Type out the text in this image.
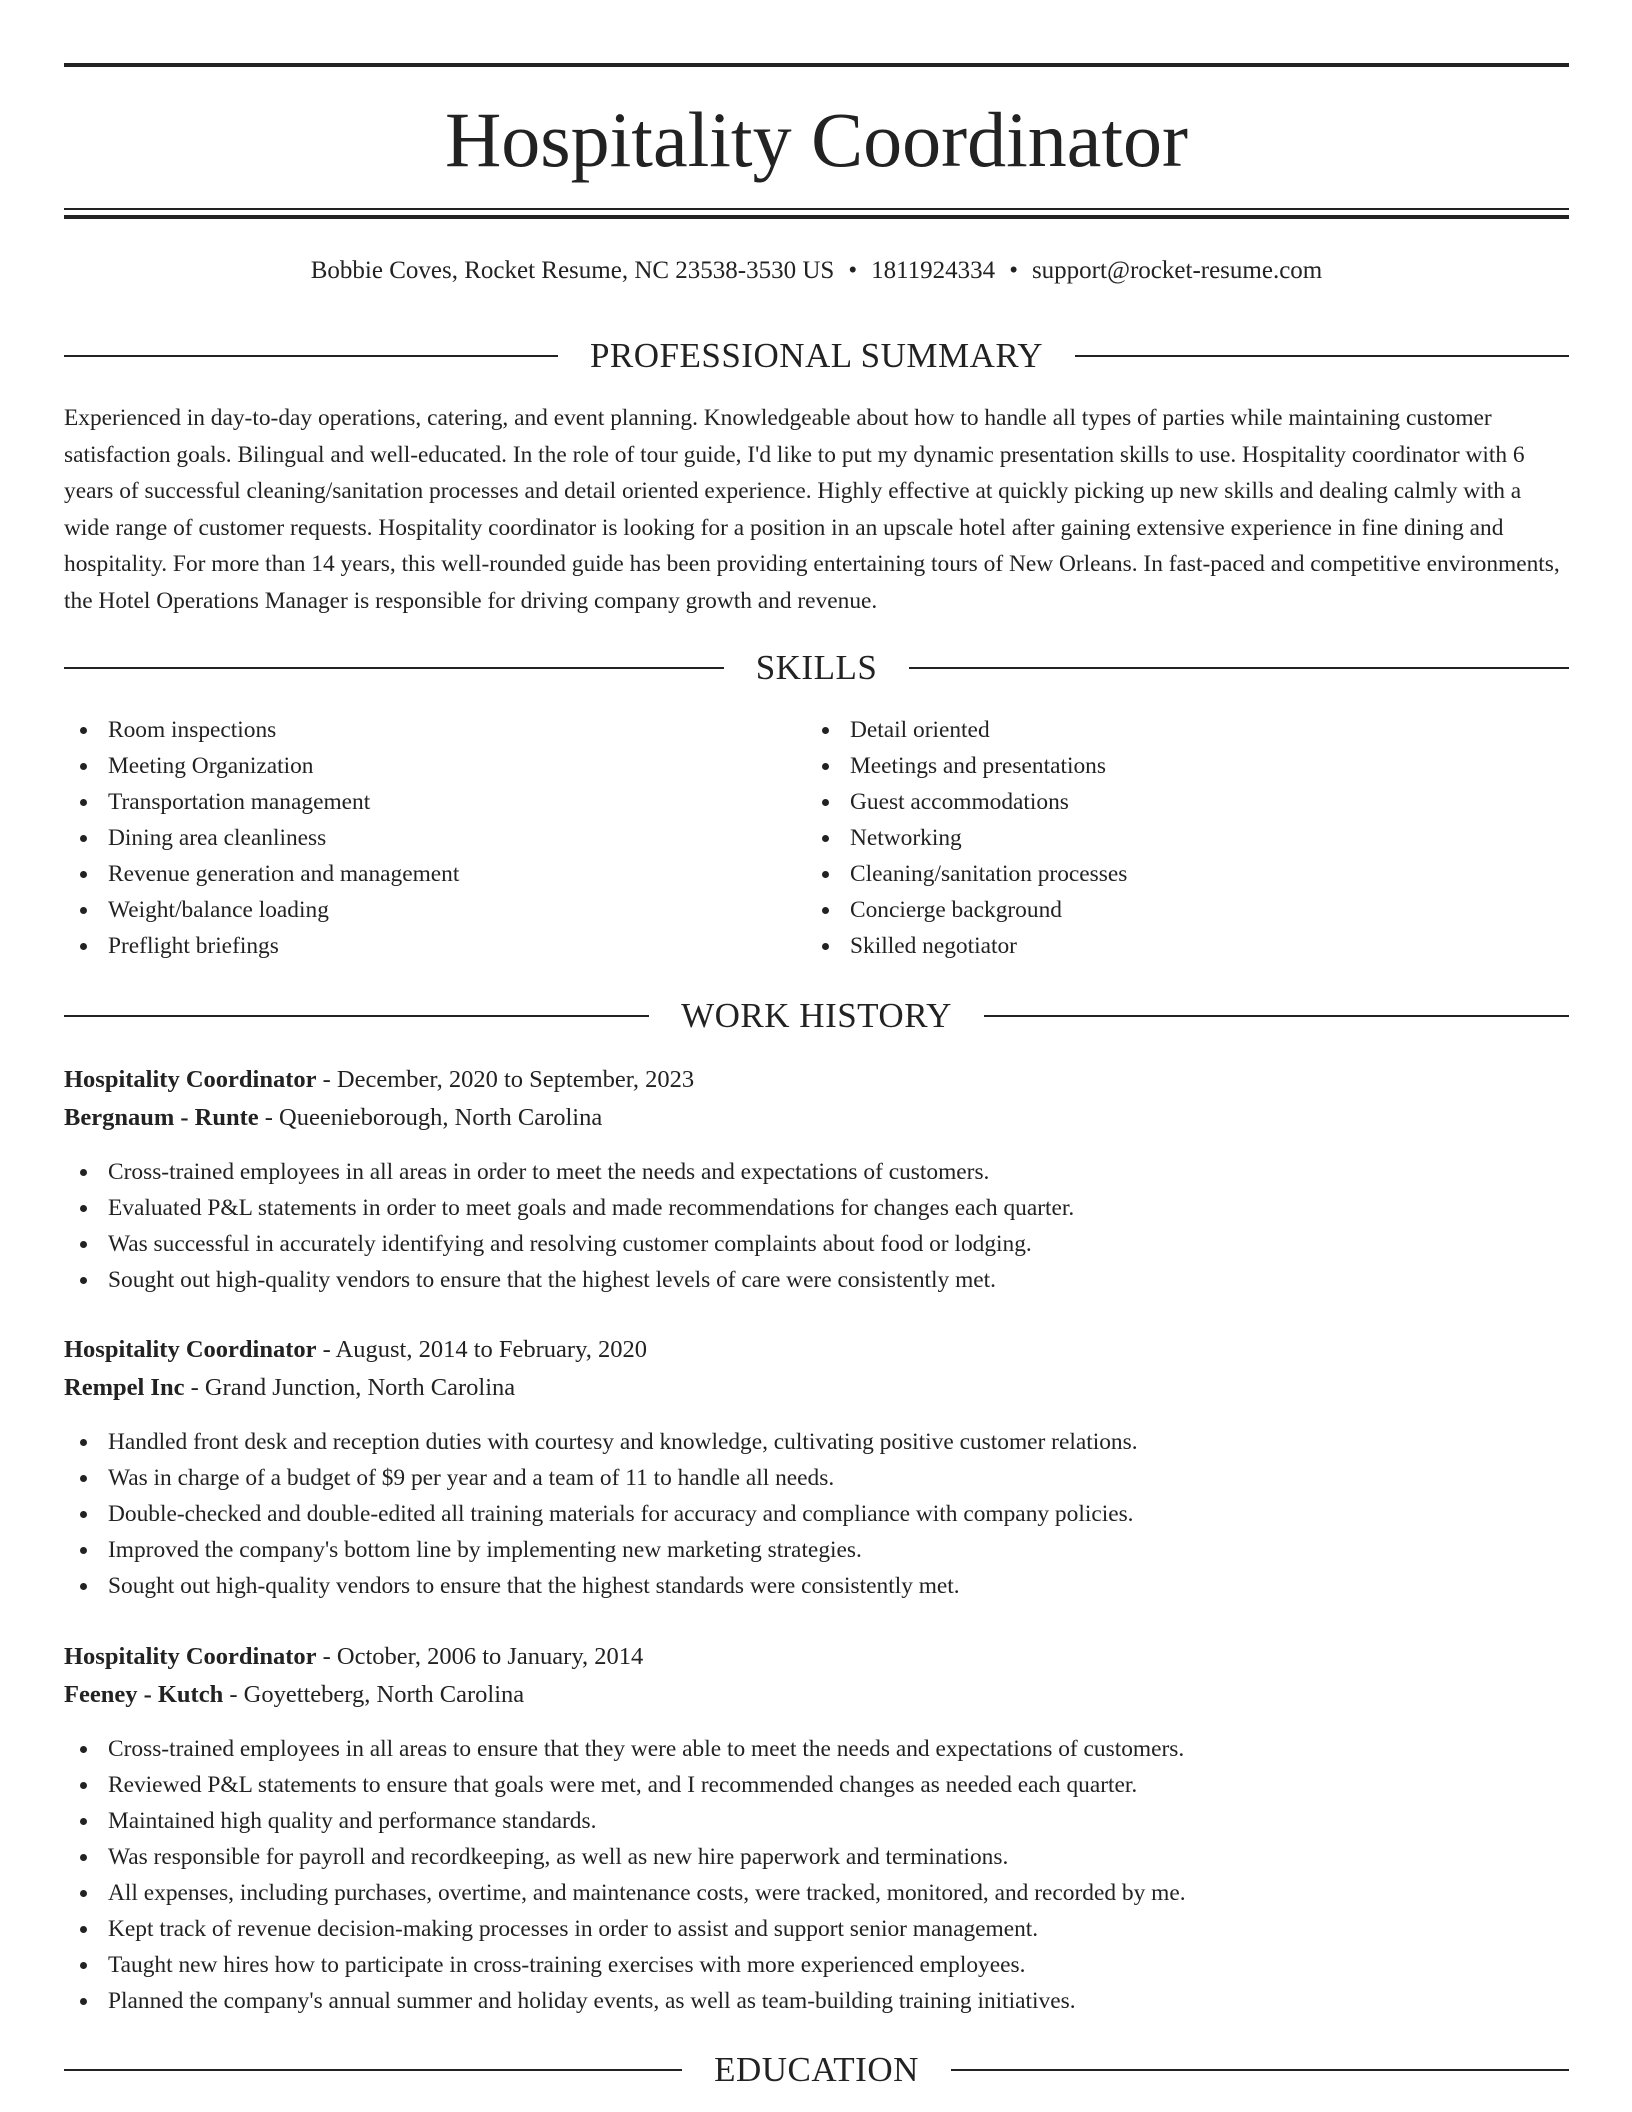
Hospitality Coordinator
Bobbie Coves, Rocket Resume, NC 23538-3530 US • 1811924334 • support@rocket-resume.com
PROFESSIONAL SUMMARY

Experienced in day-to-day operations, catering, and event planning. Knowledgeable about how to handle all types of parties while maintaining customer satisfaction goals. Bilingual and well-educated. In the role of tour guide, I'd like to put my dynamic presentation skills to use. Hospitality coordinator with 6 years of successful cleaning/sanitation processes and detail oriented experience. Highly effective at quickly picking up new skills and dealing calmly with a wide range of customer requests. Hospitality coordinator is looking for a position in an upscale hotel after gaining extensive experience in fine dining and hospitality. For more than 14 years, this well-rounded guide has been providing entertaining tours of New Orleans. In fast-paced and competitive environments, the Hotel Operations Manager is responsible for driving company growth and revenue.

SKILLS
Room inspections
Meeting Organization
Transportation management
Dining area cleanliness
Revenue generation and management
Weight/balance loading
Preflight briefings
Detail oriented
Meetings and presentations
Guest accommodations
Networking
Cleaning/sanitation processes
Concierge background
Skilled negotiator
WORK HISTORY
Hospitality Coordinator - December, 2020 to September, 2023
Bergnaum - Runte - Queenieborough, North Carolina
Cross-trained employees in all areas in order to meet the needs and expectations of customers.
Evaluated P&L statements in order to meet goals and made recommendations for changes each quarter.
Was successful in accurately identifying and resolving customer complaints about food or lodging.
Sought out high-quality vendors to ensure that the highest levels of care were consistently met.
Hospitality Coordinator - August, 2014 to February, 2020
Rempel Inc - Grand Junction, North Carolina
Handled front desk and reception duties with courtesy and knowledge, cultivating positive customer relations.
Was in charge of a budget of $9 per year and a team of 11 to handle all needs.
Double-checked and double-edited all training materials for accuracy and compliance with company policies.
Improved the company's bottom line by implementing new marketing strategies.
Sought out high-quality vendors to ensure that the highest standards were consistently met.
Hospitality Coordinator - October, 2006 to January, 2014
Feeney - Kutch - Goyetteberg, North Carolina
Cross-trained employees in all areas to ensure that they were able to meet the needs and expectations of customers.
Reviewed P&L statements to ensure that goals were met, and I recommended changes as needed each quarter.
Maintained high quality and performance standards.
Was responsible for payroll and recordkeeping, as well as new hire paperwork and terminations.
All expenses, including purchases, overtime, and maintenance costs, were tracked, monitored, and recorded by me.
Kept track of revenue decision-making processes in order to assist and support senior management.
Taught new hires how to participate in cross-training exercises with more experienced employees.
Planned the company's annual summer and holiday events, as well as team-building training initiatives.
EDUCATION
